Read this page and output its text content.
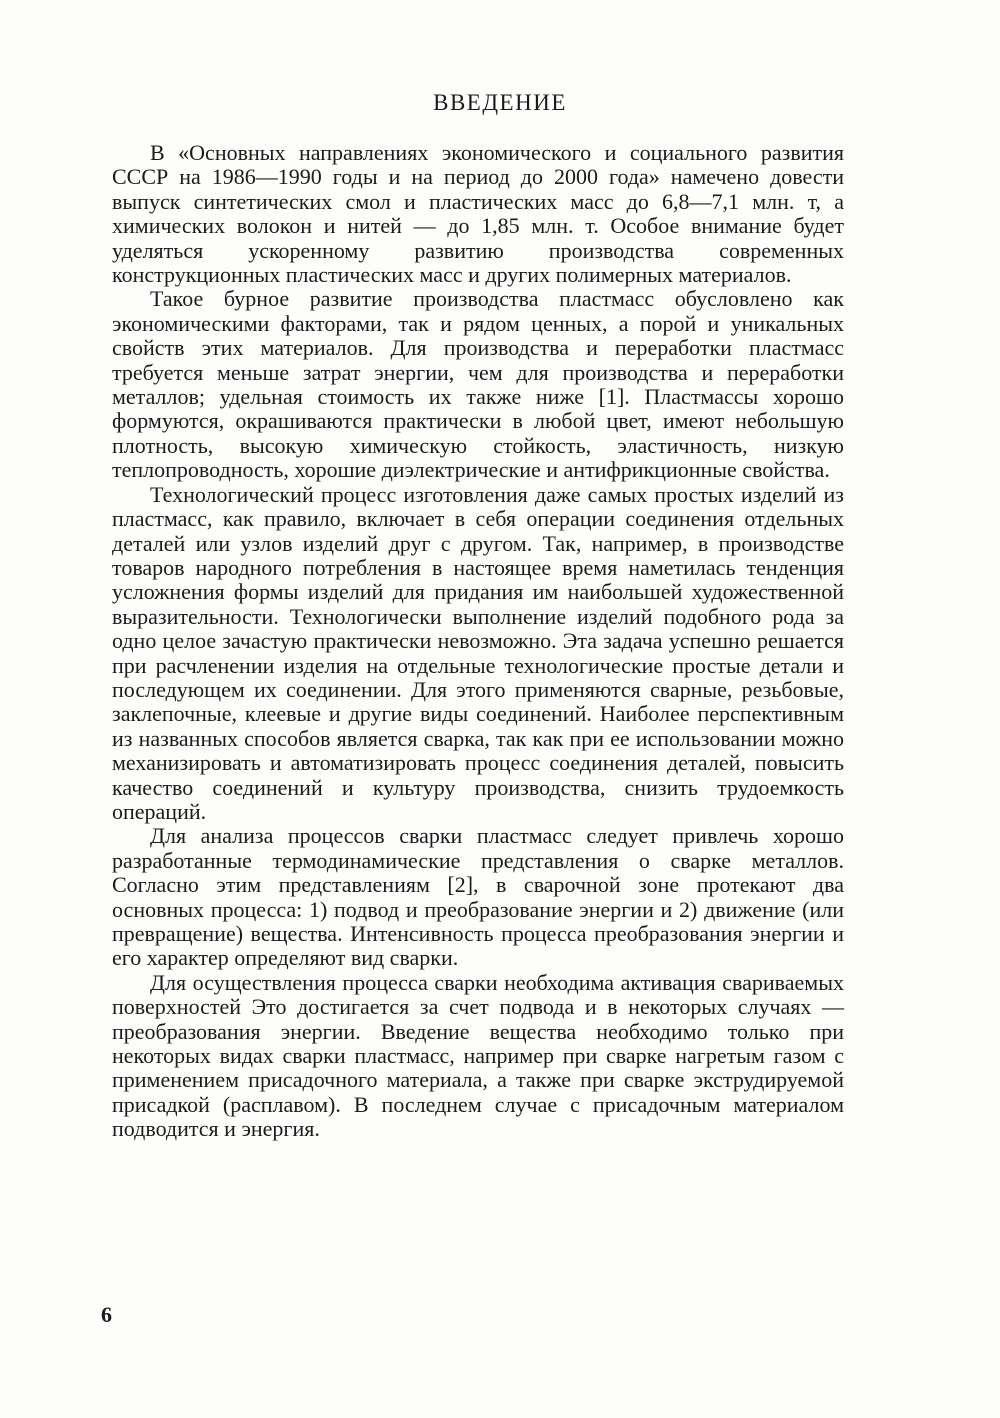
ВВЕДЕНИЕ

В «Основных направлениях экономического и социального развития СССР на 1986—1990 годы и на период до 2000 года» намечено довести выпуск синтетических смол и пластических масс до 6,8—7,1 млн. т, а химических волокон и нитей — до 1,85 млн. т. Особое внимание будет уделяться ускоренному развитию производства современных конструкционных пластических масс и других полимерных материалов.

Такое бурное развитие производства пластмасс обусловлено как экономическими факторами, так и рядом ценных, а порой и уникальных свойств этих материалов. Для производства и переработки пластмасс требуется меньше затрат энергии, чем для производства и переработки металлов; удельная стоимость их также ниже [1]. Пластмассы хорошо формуются, окрашиваются практически в любой цвет, имеют небольшую плотность, высокую химическую стойкость, эластичность, низкую теплопроводность, хорошие диэлектрические и антифрикционные свойства.

Технологический процесс изготовления даже самых простых изделий из пластмасс, как правило, включает в себя операции соединения отдельных деталей или узлов изделий друг с другом. Так, например, в производстве товаров народного потребления в настоящее время наметилась тенденция усложнения формы изделий для придания им наибольшей художественной выразительности. Технологически выполнение изделий подобного рода за одно целое зачастую практически невозможно. Эта задача успешно решается при расчленении изделия на отдельные технологические простые детали и последующем их соединении. Для этого применяются сварные, резьбовые, заклепочные, клеевые и другие виды соединений. Наиболее перспективным из названных способов является сварка, так как при ее использовании можно механизировать и автоматизировать процесс соединения деталей, повысить качество соединений и культуру производства, снизить трудоемкость операций.

Для анализа процессов сварки пластмасс следует привлечь хорошо разработанные термодинамические представления о сварке металлов. Согласно этим представлениям [2], в сварочной зоне протекают два основных процесса: 1) подвод и преобразование энергии и 2) движение (или превращение) вещества. Интенсивность процесса преобразования энергии и его характер определяют вид сварки.

Для осуществления процесса сварки необходима активация свариваемых поверхностей Это достигается за счет подвода и в некоторых случаях — преобразования энергии. Введение вещества необходимо только при некоторых видах сварки пластмасс, например при сварке нагретым газом с применением присадочного материала, а также при сварке экструдируемой присадкой (расплавом). В последнем случае с присадочным материалом подводится и энергия.

6
